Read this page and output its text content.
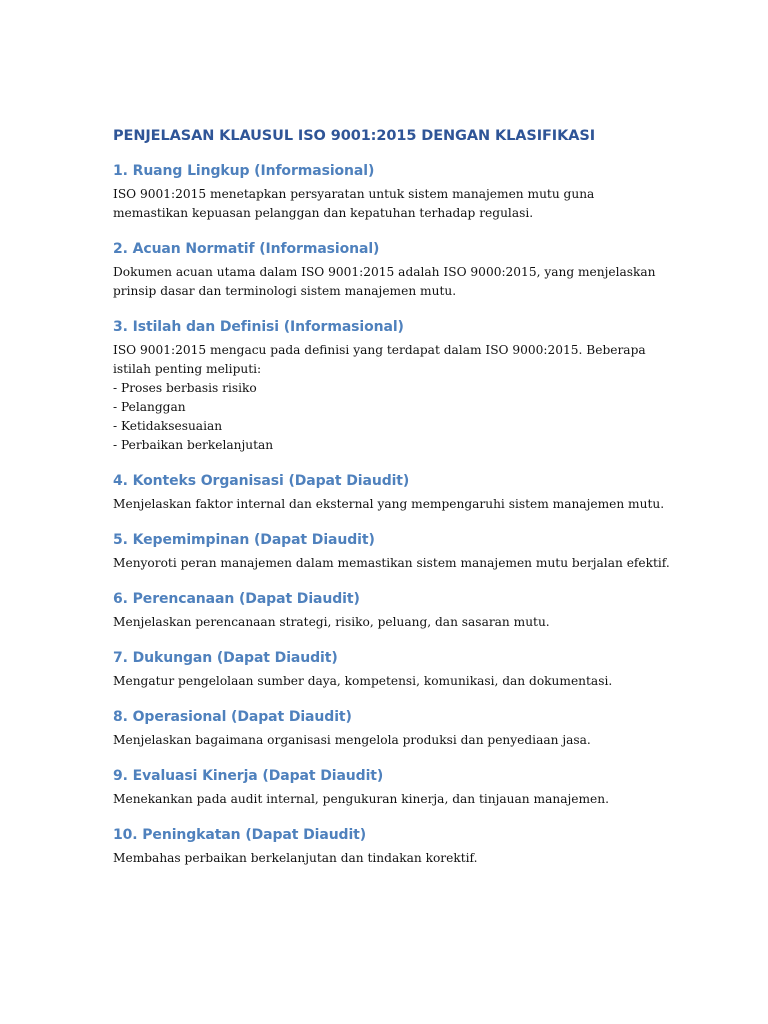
PENJELASAN KLAUSUL ISO 9001:2015 DENGAN KLASIFIKASI
1. Ruang Lingkup (Informasional)

ISO 9001:2015 menetapkan persyaratan untuk sistem manajemen mutu guna memastikan kepuasan pelanggan dan kepatuhan terhadap regulasi.

2. Acuan Normatif (Informasional)

Dokumen acuan utama dalam ISO 9001:2015 adalah ISO 9000:2015, yang menjelaskan prinsip dasar dan terminologi sistem manajemen mutu.

3. Istilah dan Definisi (Informasional)

ISO 9001:2015 mengacu pada definisi yang terdapat dalam ISO 9000:2015. Beberapa istilah penting meliputi:

- Proses berbasis risiko
- Pelanggan
- Ketidaksesuaian
- Perbaikan berkelanjutan
4. Konteks Organisasi (Dapat Diaudit)

Menjelaskan faktor internal dan eksternal yang mempengaruhi sistem manajemen mutu.

5. Kepemimpinan (Dapat Diaudit)

Menyoroti peran manajemen dalam memastikan sistem manajemen mutu berjalan efektif.

6. Perencanaan (Dapat Diaudit)

Menjelaskan perencanaan strategi, risiko, peluang, dan sasaran mutu.

7. Dukungan (Dapat Diaudit)

Mengatur pengelolaan sumber daya, kompetensi, komunikasi, dan dokumentasi.

8. Operasional (Dapat Diaudit)

Menjelaskan bagaimana organisasi mengelola produksi dan penyediaan jasa.

9. Evaluasi Kinerja (Dapat Diaudit)

Menekankan pada audit internal, pengukuran kinerja, dan tinjauan manajemen.

10. Peningkatan (Dapat Diaudit)

Membahas perbaikan berkelanjutan dan tindakan korektif.
